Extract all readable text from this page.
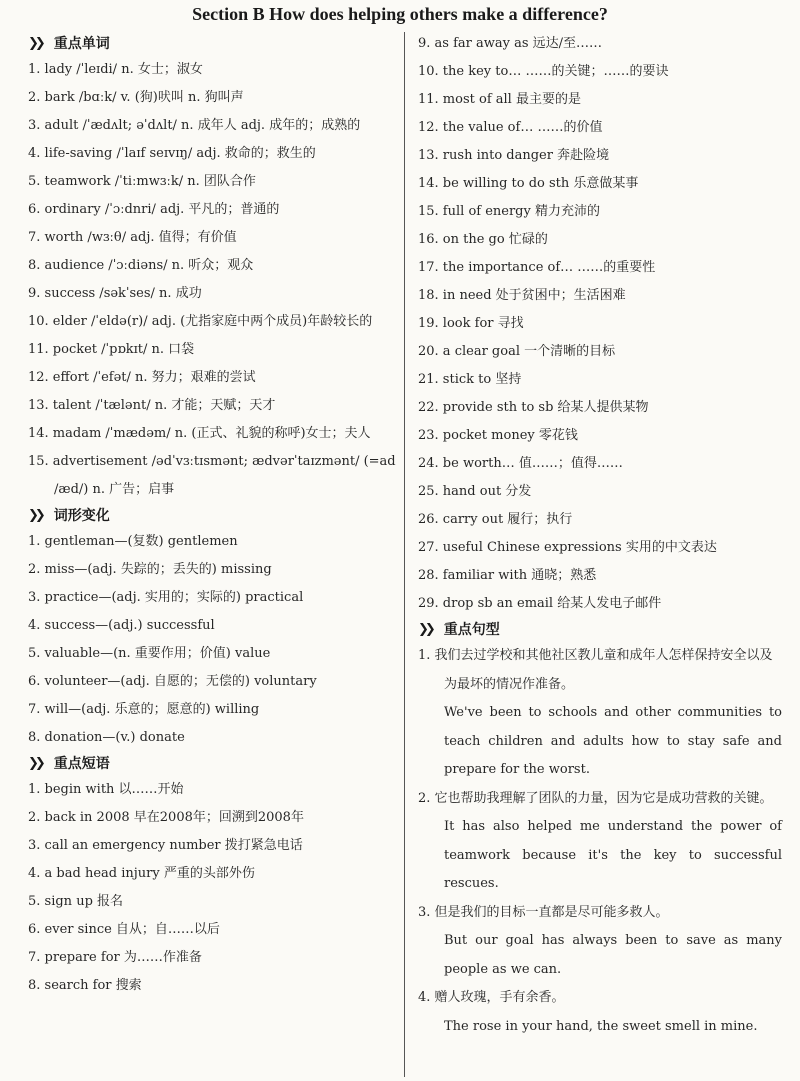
Section B How does helping others make a difference?
❯❯ 重点单词
1. lady /ˈleɪdi/ n. 女士；淑女
2. bark /bɑːk/ v. (狗)吠叫 n. 狗叫声
3. adult /ˈædʌlt; əˈdʌlt/ n. 成年人 adj. 成年的；成熟的
4. life-saving /ˈlaɪf seɪvɪŋ/ adj. 救命的；救生的
5. teamwork /ˈtiːmwɜːk/ n. 团队合作
6. ordinary /ˈɔːdnri/ adj. 平凡的；普通的
7. worth /wɜːθ/ adj. 值得；有价值
8. audience /ˈɔːdiəns/ n. 听众；观众
9. success /səkˈses/ n. 成功
10. elder /ˈeldə(r)/ adj. (尤指家庭中两个成员)年龄较长的
11. pocket /ˈpɒkɪt/ n. 口袋
12. effort /ˈefət/ n. 努力；艰难的尝试
13. talent /ˈtælənt/ n. 才能；天赋；天才
14. madam /ˈmædəm/ n. (正式、礼貌的称呼)女士；夫人
15. advertisement /ədˈvɜːtɪsmənt; ædvərˈtaɪzmənt/ (=ad /æd/) n. 广告；启事
❯❯ 词形变化
1. gentleman—(复数) gentlemen
2. miss—(adj. 失踪的；丢失的) missing
3. practice—(adj. 实用的；实际的) practical
4. success—(adj.) successful
5. valuable—(n. 重要作用；价值) value
6. volunteer—(adj. 自愿的；无偿的) voluntary
7. will—(adj. 乐意的；愿意的) willing
8. donation—(v.) donate
❯❯ 重点短语
1. begin with 以……开始
2. back in 2008 早在2008年；回溯到2008年
3. call an emergency number 拨打紧急电话
4. a bad head injury 严重的头部外伤
5. sign up 报名
6. ever since 自从；自……以后
7. prepare for 为……作准备
8. search for 搜索
9. as far away as 远达/至……
10. the key to… ……的关键；……的要诀
11. most of all 最主要的是
12. the value of… ……的价值
13. rush into danger 奔赴险境
14. be willing to do sth 乐意做某事
15. full of energy 精力充沛的
16. on the go 忙碌的
17. the importance of… ……的重要性
18. in need 处于贫困中；生活困难
19. look for 寻找
20. a clear goal 一个清晰的目标
21. stick to 坚持
22. provide sth to sb 给某人提供某物
23. pocket money 零花钱
24. be worth… 值……；值得……
25. hand out 分发
26. carry out 履行；执行
27. useful Chinese expressions 实用的中文表达
28. familiar with 通晓；熟悉
29. drop sb an email 给某人发电子邮件
❯❯ 重点句型
1. 我们去过学校和其他社区教儿童和成年人怎样保持安全以及为最坏的情况作准备。
We've been to schools and other communities to teach children and adults how to stay safe and prepare for the worst.
2. 它也帮助我理解了团队的力量，因为它是成功营救的关键。
It has also helped me understand the power of teamwork because it's the key to successful rescues.
3. 但是我们的目标一直都是尽可能多救人。
But our goal has always been to save as many people as we can.
4. 赠人玫瑰，手有余香。
The rose in your hand, the sweet smell in mine.
